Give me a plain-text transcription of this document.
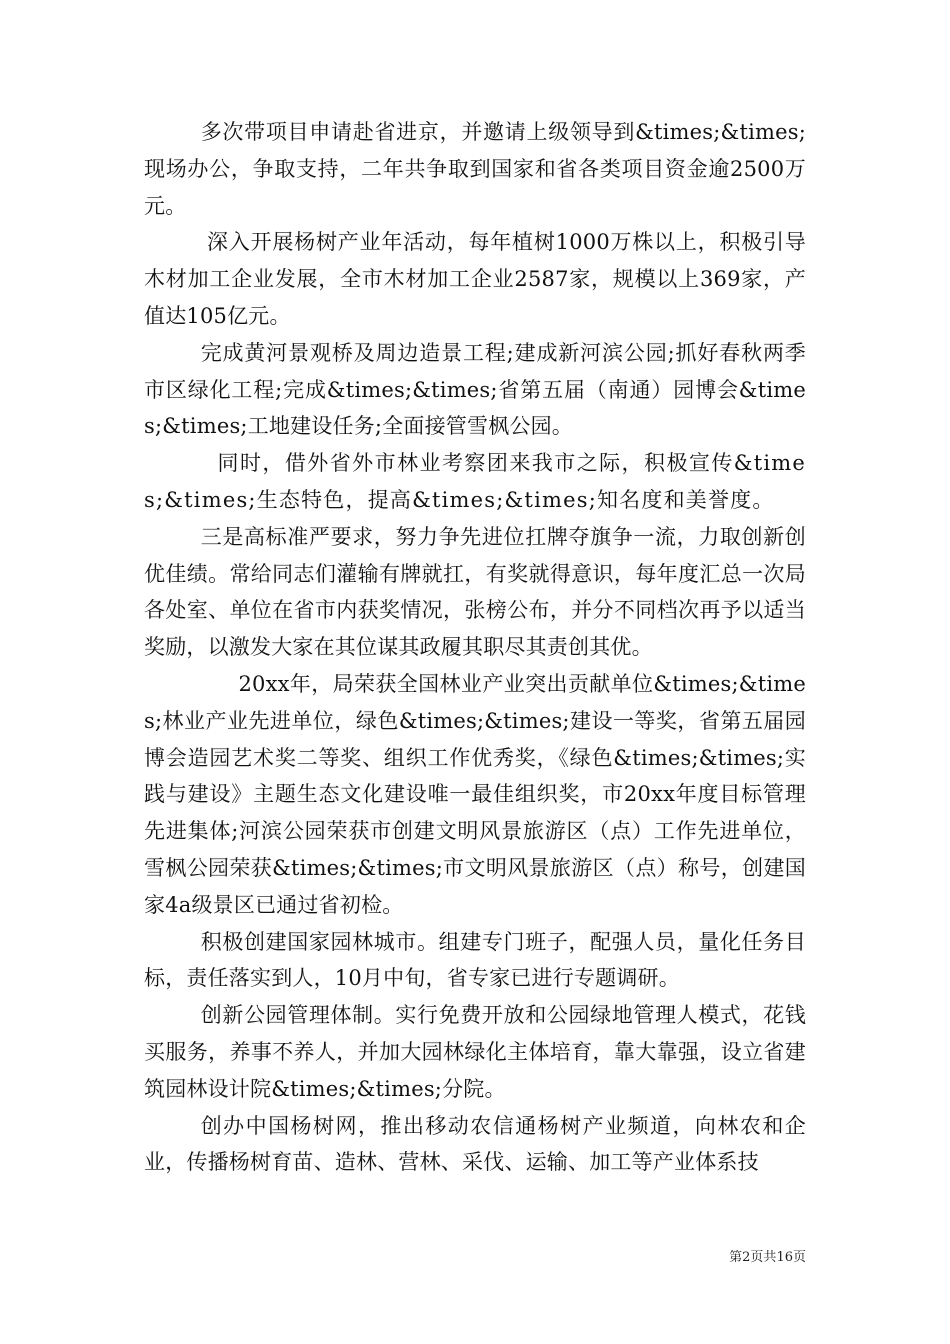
多次带项目申请赴省进京，并邀请上级领导到&times;&times;现场办公，争取支持，二年共争取到国家和省各类项目资金逾2500万元。

深入开展杨树产业年活动，每年植树1000万株以上，积极引导木材加工企业发展，全市木材加工企业2587家，规模以上369家，产值达105亿元。

完成黄河景观桥及周边造景工程;建成新河滨公园;抓好春秋两季市区绿化工程;完成&times;&times;省第五届（南通）园博会&times;&times;工地建设任务;全面接管雪枫公园。

同时，借外省外市林业考察团来我市之际，积极宣传&times;&times;生态特色，提高&times;&times;知名度和美誉度。

三是高标准严要求，努力争先进位扛牌夺旗争一流，力取创新创优佳绩。常给同志们灌输有牌就扛，有奖就得意识，每年度汇总一次局各处室、单位在省市内获奖情况，张榜公布，并分不同档次再予以适当奖励，以激发大家在其位谋其政履其职尽其责创其优。

20xx年，局荣获全国林业产业突出贡献单位&times;&times;林业产业先进单位，绿色&times;&times;建设一等奖，省第五届园博会造园艺术奖二等奖、组织工作优秀奖，《绿色&times;&times;实践与建设》主题生态文化建设唯一最佳组织奖，市20xx年度目标管理先进集体;河滨公园荣获市创建文明风景旅游区（点）工作先进单位，雪枫公园荣获&times;&times;市文明风景旅游区（点）称号，创建国家4a级景区已通过省初检。

积极创建国家园林城市。组建专门班子，配强人员，量化任务目标，责任落实到人，10月中旬，省专家已进行专题调研。

创新公园管理体制。实行免费开放和公园绿地管理人模式，花钱买服务，养事不养人，并加大园林绿化主体培育，靠大靠强，设立省建筑园林设计院&times;&times;分院。

创办中国杨树网，推出移动农信通杨树产业频道，向林农和企业，传播杨树育苗、造林、营林、采伐、运输、加工等产业体系技

第2页共16页
